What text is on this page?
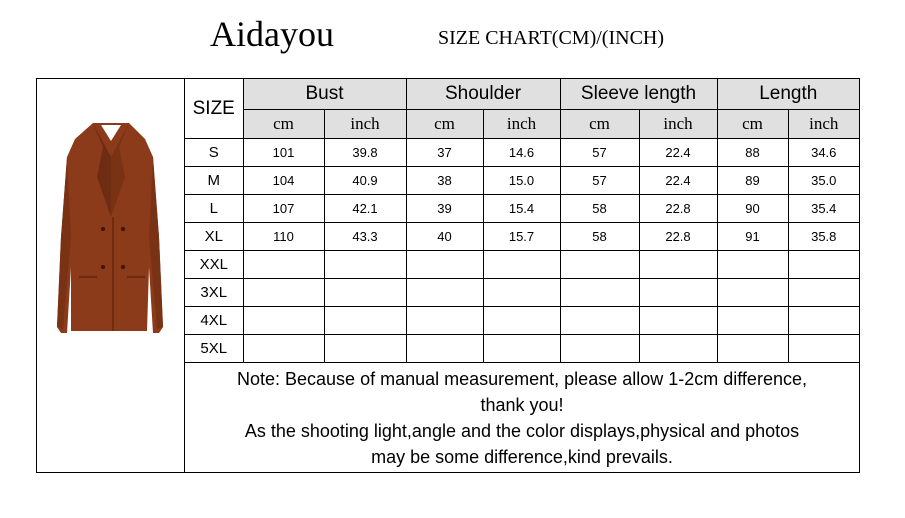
Aidayou	SIZE CHART(CM)/(INCH)
SIZE	Bust		Shoulder		Sleeve length		Length	
	cm	inch	cm	inch	cm	inch	cm	inch
S	101	39.8	37	14.6	57	22.4	88	34.6
M	104	40.9	38	15.0	57	22.4	89	35.0
L	107	42.1	39	15.4	58	22.8	90	35.4
XL	110	43.3	40	15.7	58	22.8	91	35.8
XXL								
3XL								
4XL								
5XL								

Note: Because of manual measurement, please allow 1-2cm difference,
thank you!
As the shooting light,angle and the color displays,physical and photos
may be some difference,kind prevails.								
